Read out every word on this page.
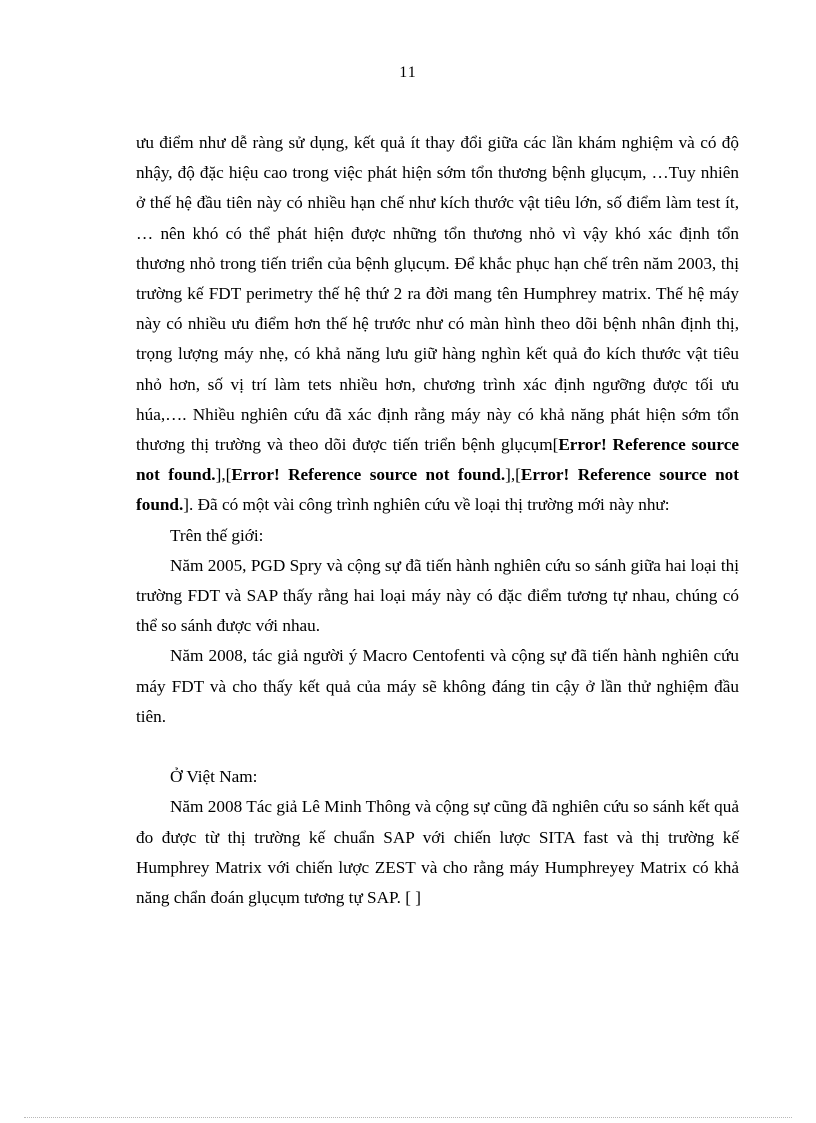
11

ưu điểm như dễ ràng sử dụng, kết quả ít thay đổi giữa các lần khám nghiệm và có độ nhậy, độ đặc hiệu cao trong việc phát hiện sớm tổn thương bệnh glụcụm, …Tuy nhiên ở thế hệ đầu tiên này có nhiều hạn chế như kích thước vật tiêu lớn, số điểm làm test ít, … nên khó có thể phát hiện được những tổn thương nhỏ vì vậy khó xác định tổn thương nhỏ trong tiến triển của bệnh glụcụm. Để khắc phục hạn chế trên năm 2003, thị trường kế FDT perimetry thế hệ thứ 2 ra đời mang tên Humphrey matrix. Thế hệ máy này có nhiều ưu điểm hơn thế hệ trước như có màn hình theo dõi bệnh nhân định thị, trọng lượng máy nhẹ, có khả năng lưu giữ hàng nghìn kết quả đo kích thước vật tiêu nhỏ hơn, số vị trí làm tets nhiều hơn, chương trình xác định ngưỡng được tối ưu húa,…. Nhiều nghiên cứu đã xác định rằng máy này có khả năng phát hiện sớm tổn thương thị trường và theo dõi được tiến triển bệnh glụcụm[Error! Reference source not found.],[Error! Reference source not found.],[Error! Reference source not found.]. Đã có một vài công trình nghiên cứu về loại thị trường mới này như:

Trên thế giới:

Năm 2005, PGD Spry và cộng sự đã tiến hành nghiên cứu so sánh giữa hai loại thị trường FDT và SAP thấy rằng hai loại máy này có đặc điểm tương tự nhau, chúng có thể so sánh được với nhau.

Năm 2008, tác giả người ý Macro Centofenti và cộng sự đã tiến hành nghiên cứu máy FDT và cho thấy kết quả của máy sẽ không đáng tin cậy ở lần thử nghiệm đầu tiên.

Ở Việt Nam:

Năm 2008 Tác giả Lê Minh Thông và cộng sự cũng đã nghiên cứu so sánh kết quả đo được từ thị trường kế chuẩn SAP với chiến lược SITA fast và thị trường kế Humphrey Matrix với chiến lược ZEST và cho rằng máy Humphreyey Matrix có khả năng chẩn đoán glụcụm tương tự SAP. [ ]
